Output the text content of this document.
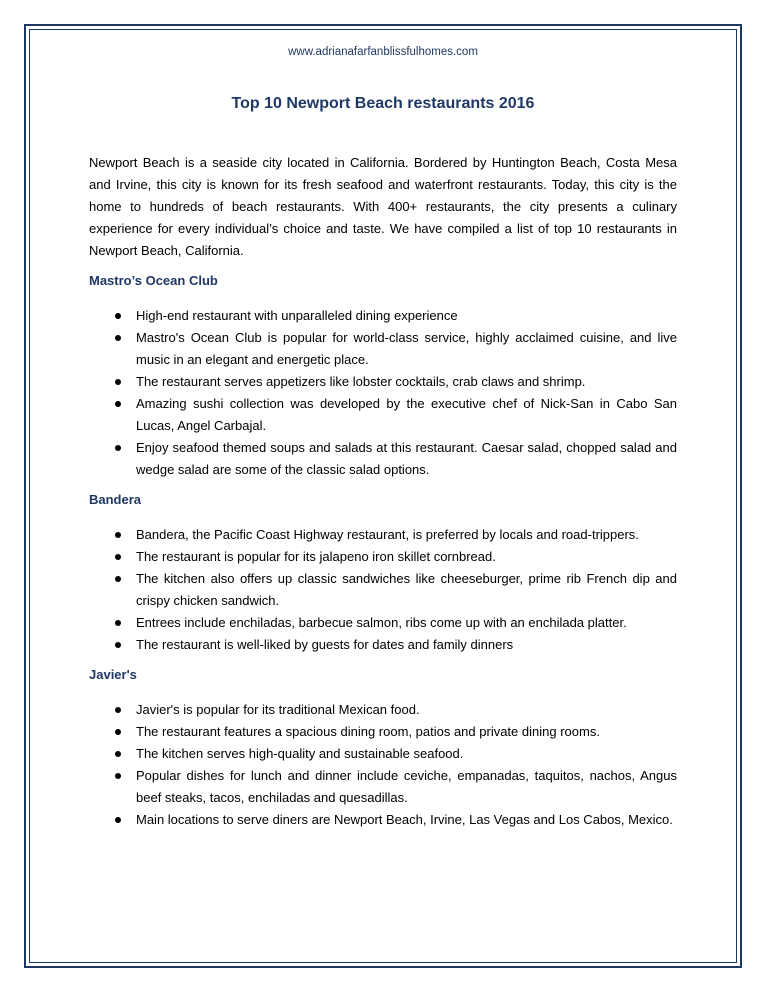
www.adrianafarfanblissfulhomes.com

Top 10 Newport Beach restaurants 2016

Newport Beach is a seaside city located in California. Bordered by Huntington Beach, Costa Mesa and Irvine, this city is known for its fresh seafood and waterfront restaurants. Today, this city is the home to hundreds of beach restaurants. With 400+ restaurants, the city presents a culinary experience for every individual’s choice and taste. We have compiled a list of top 10 restaurants in Newport Beach, California.

Mastro’s Ocean Club
High-end restaurant with unparalleled dining experience
Mastro's Ocean Club is popular for world-class service, highly acclaimed cuisine, and live music in an elegant and energetic place.
The restaurant serves appetizers like lobster cocktails, crab claws and shrimp.
Amazing sushi collection was developed by the executive chef of Nick-San in Cabo San Lucas, Angel Carbajal.
Enjoy seafood themed soups and salads at this restaurant. Caesar salad, chopped salad and wedge salad are some of the classic salad options.
Bandera
Bandera, the Pacific Coast Highway restaurant, is preferred by locals and road-trippers.
The restaurant is popular for its jalapeno iron skillet cornbread.
The kitchen also offers up classic sandwiches like cheeseburger, prime rib French dip and crispy chicken sandwich.
Entrees include enchiladas, barbecue salmon, ribs come up with an enchilada platter.
The restaurant is well-liked by guests for dates and family dinners
Javier's
Javier's is popular for its traditional Mexican food.
The restaurant features a spacious dining room, patios and private dining rooms.
The kitchen serves high-quality and sustainable seafood.
Popular dishes for lunch and dinner include ceviche, empanadas, taquitos, nachos, Angus beef steaks, tacos, enchiladas and quesadillas.
Main locations to serve diners are Newport Beach, Irvine, Las Vegas and Los Cabos, Mexico.
